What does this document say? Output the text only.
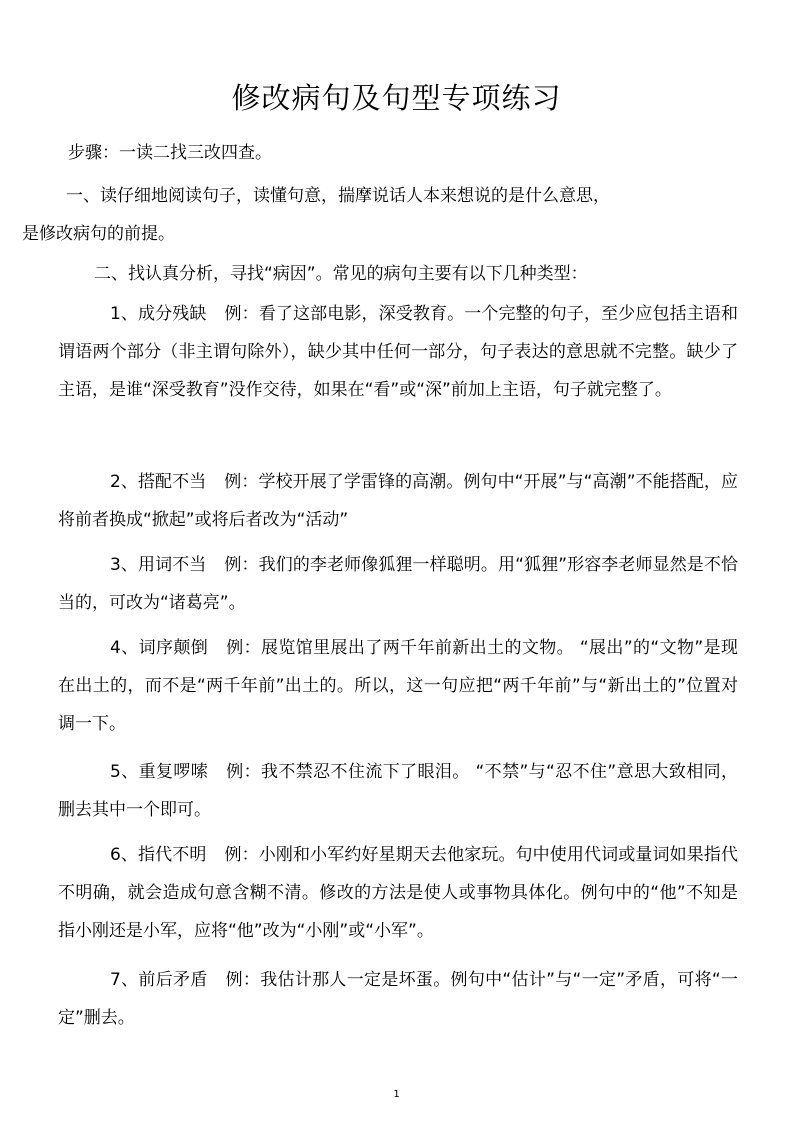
修改病句及句型专项练习
步骤：一读二找三改四查。
一、读仔细地阅读句子，读懂句意，揣摩说话人本来想说的是什么意思，
是修改病句的前提。
二、找认真分析，寻找“病因”。常见的病句主要有以下几种类型：
1、成分残缺 例：看了这部电影，深受教育。一个完整的句子，至少应包括主语和谓语两个部分（非主谓句除外），缺少其中任何一部分，句子表达的意思就不完整。缺少了主语，是谁“深受教育”没作交待，如果在“看”或“深”前加上主语，句子就完整了。
2、搭配不当 例：学校开展了学雷锋的高潮。例句中“开展”与“高潮”不能搭配，应将前者换成“掀起”或将后者改为“活动”
3、用词不当 例：我们的李老师像狐狸一样聪明。用“狐狸”形容李老师显然是不恰当的，可改为“诸葛亮”。
4、词序颠倒 例：展览馆里展出了两千年前新出土的文物。 “展出”的“文物”是现在出土的，而不是“两千年前”出土的。所以，这一句应把“两千年前”与“新出土的”位置对调一下。
5、重复啰嗦 例：我不禁忍不住流下了眼泪。 “不禁”与“忍不住”意思大致相同，删去其中一个即可。
6、指代不明 例：小刚和小军约好星期天去他家玩。句中使用代词或量词如果指代不明确，就会造成句意含糊不清。修改的方法是使人或事物具体化。例句中的“他”不知是指小刚还是小军，应将“他”改为“小刚”或“小军”。
7、前后矛盾 例：我估计那人一定是坏蛋。例句中“估计”与“一定”矛盾，可将“一定”删去。
1
